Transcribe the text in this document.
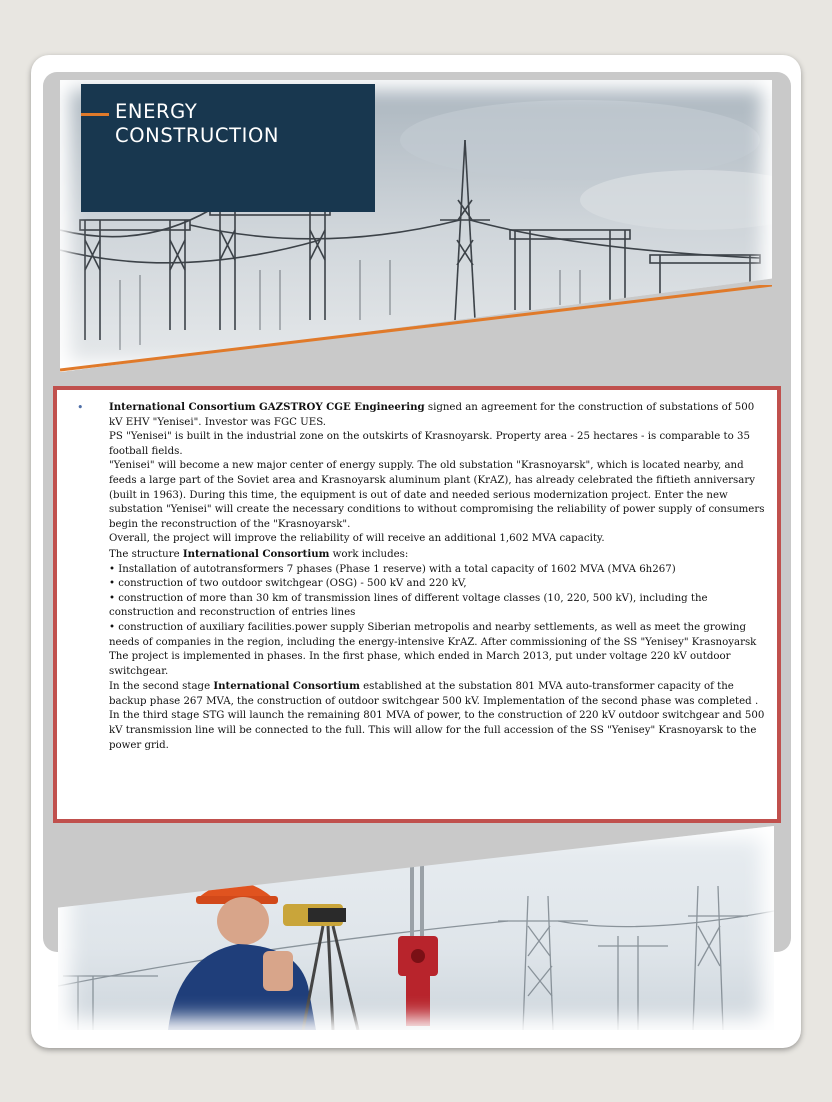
ENERGY
CONSTRUCTION
•	International Consortium GAZSTROY CGE Engineering signed an agreement for the construction of substations of 500 kV EHV "Yenisei". Investor was FGC UES.

PS "Yenisei" is built in the industrial zone on the outskirts of Krasnoyarsk. Property area - 25 hectares - is comparable to 35 football fields.

"Yenisei" will become a new major center of energy supply. The old substation "Krasnoyarsk", which is located nearby, and feeds a large part of the Soviet area and Krasnoyarsk aluminum plant (KrAZ), has already celebrated the fiftieth anniversary (built in 1963). During this time, the equipment is out of date and needed serious modernization project. Enter the new substation "Yenisei" will create the necessary conditions to without compromising the reliability of power supply of consumers begin the reconstruction of the "Krasnoyarsk".

Overall, the project will improve the reliability of will receive an additional 1,602 MVA capacity.

The structure International Consortium work includes:

• Installation of autotransformers 7 phases (Phase 1 reserve) with a total capacity of 1602 MVA (MVA 6h267)

• construction of two outdoor switchgear (OSG) - 500 kV and 220 kV,

• construction of more than 30 km of transmission lines of different voltage classes (10, 220, 500 kV), including the construction and reconstruction of entries lines

• construction of auxiliary facilities.power supply Siberian metropolis and nearby settlements, as well as meet the growing needs of companies in the region, including the energy-intensive KrAZ. After commissioning of the SS "Yenisey" Krasnoyarsk

The project is implemented in phases. In the first phase, which ended in March 2013, put under voltage 220 kV outdoor switchgear.

In the second stage International Consortium established at the substation 801 MVA auto-transformer capacity of the backup phase 267 MVA, the construction of outdoor switchgear 500 kV. Implementation of the second phase was completed .

In the third stage STG will launch the remaining 801 MVA of power, to the construction of 220 kV outdoor switchgear and 500 kV transmission line will be connected to the full. This will allow for the full accession of the SS "Yenisey" Krasnoyarsk to the power grid.
